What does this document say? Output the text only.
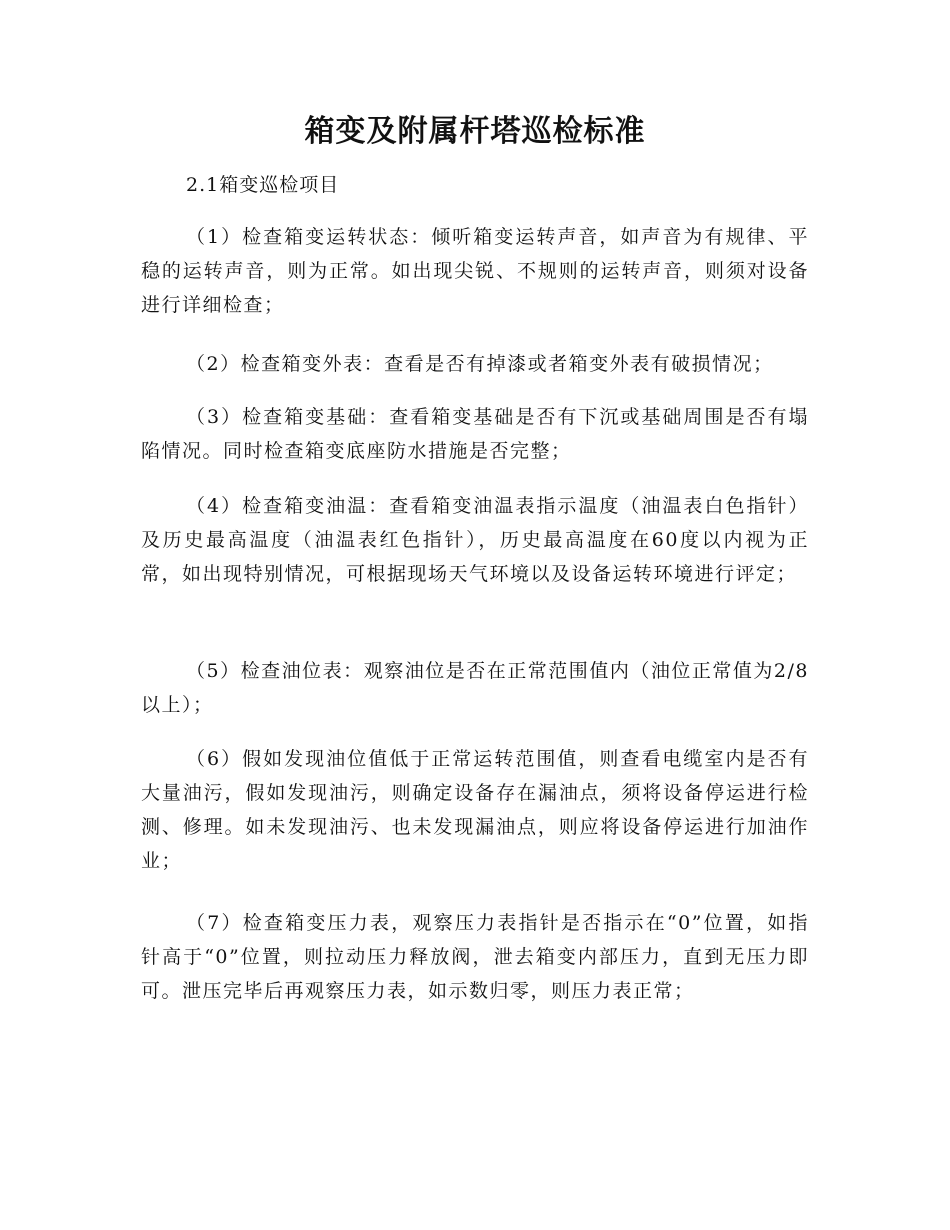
箱变及附属杆塔巡检标准
2.1箱变巡检项目
（1）检查箱变运转状态：倾听箱变运转声音，如声音为有规律、平稳的运转声音，则为正常。如出现尖锐、不规则的运转声音，则须对设备进行详细检查；
（2）检查箱变外表：查看是否有掉漆或者箱变外表有破损情况；
（3）检查箱变基础：查看箱变基础是否有下沉或基础周围是否有塌陷情况。同时检查箱变底座防水措施是否完整；
（4）检查箱变油温：查看箱变油温表指示温度（油温表白色指针）及历史最高温度（油温表红色指针），历史最高温度在60度以内视为正常，如出现特别情况，可根据现场天气环境以及设备运转环境进行评定；
（5）检查油位表：观察油位是否在正常范围值内（油位正常值为2/8以上）；
（6）假如发现油位值低于正常运转范围值，则查看电缆室内是否有大量油污，假如发现油污，则确定设备存在漏油点，须将设备停运进行检测、修理。如未发现油污、也未发现漏油点，则应将设备停运进行加油作业；
（7）检查箱变压力表，观察压力表指针是否指示在“0”位置，如指针高于“0”位置，则拉动压力释放阀，泄去箱变内部压力，直到无压力即可。泄压完毕后再观察压力表，如示数归零，则压力表正常；
